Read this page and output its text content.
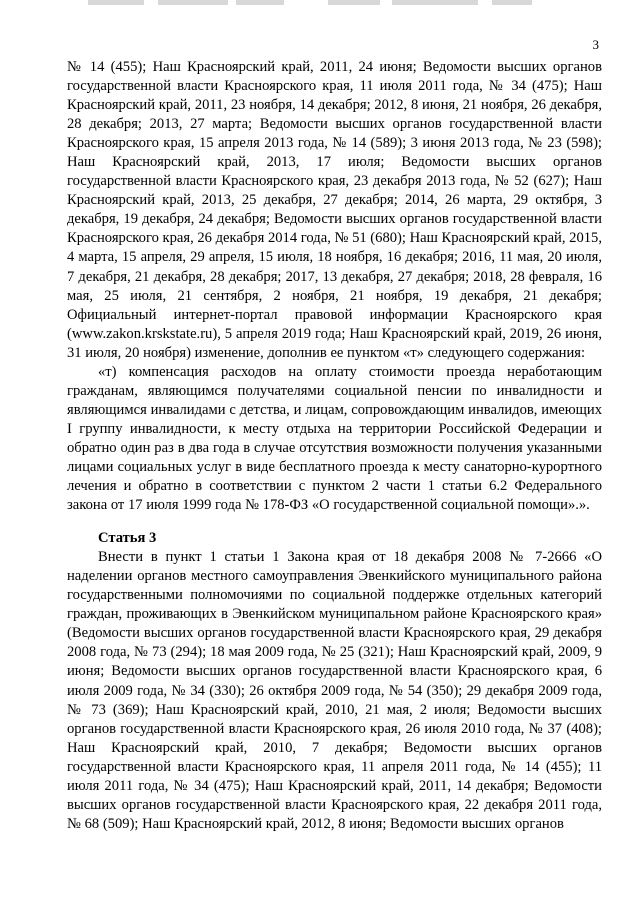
3

№ 14 (455); Наш Красноярский край, 2011, 24 июня; Ведомости высших органов государственной власти Красноярского края, 11 июля 2011 года, № 34 (475); Наш Красноярский край, 2011, 23 ноября, 14 декабря; 2012, 8 июня, 21 ноября, 26 декабря, 28 декабря; 2013, 27 марта; Ведомости высших органов государственной власти Красноярского края, 15 апреля 2013 года, № 14 (589); 3 июня 2013 года, № 23 (598); Наш Красноярский край, 2013, 17 июля; Ведомости высших органов государственной власти Красноярского края, 23 декабря 2013 года, № 52 (627); Наш Красноярский край, 2013, 25 декабря, 27 декабря; 2014, 26 марта, 29 октября, 3 декабря, 19 декабря, 24 декабря; Ведомости высших органов государственной власти Красноярского края, 26 декабря 2014 года, № 51 (680); Наш Красноярский край, 2015, 4 марта, 15 апреля, 29 апреля, 15 июля, 18 ноября, 16 декабря; 2016, 11 мая, 20 июля, 7 декабря, 21 декабря, 28 декабря; 2017, 13 декабря, 27 декабря; 2018, 28 февраля, 16 мая, 25 июля, 21 сентября, 2 ноября, 21 ноября, 19 декабря, 21 декабря; Официальный интернет-портал правовой информации Красноярского края (www.zakon.krskstate.ru), 5 апреля 2019 года; Наш Красноярский край, 2019, 26 июня, 31 июля, 20 ноября) изменение, дополнив ее пунктом «т» следующего содержания:

«т) компенсация расходов на оплату стоимости проезда неработающим гражданам, являющимся получателями социальной пенсии по инвалидности и являющимся инвалидами с детства, и лицам, сопровождающим инвалидов, имеющих I группу инвалидности, к месту отдыха на территории Российской Федерации и обратно один раз в два года в случае отсутствия возможности получения указанными лицами социальных услуг в виде бесплатного проезда к месту санаторно-курортного лечения и обратно в соответствии с пунктом 2 части 1 статьи 6.2 Федерального закона от 17 июля 1999 года № 178-ФЗ «О государственной социальной помощи».».

Статья 3

Внести в пункт 1 статьи 1 Закона края от 18 декабря 2008 № 7-2666 «О наделении органов местного самоуправления Эвенкийского муниципального района государственными полномочиями по социальной поддержке отдельных категорий граждан, проживающих в Эвенкийском муниципальном районе Красноярского края» (Ведомости высших органов государственной власти Красноярского края, 29 декабря 2008 года, № 73 (294); 18 мая 2009 года, № 25 (321); Наш Красноярский край, 2009, 9 июня; Ведомости высших органов государственной власти Красноярского края, 6 июля 2009 года, № 34 (330); 26 октября 2009 года, № 54 (350); 29 декабря 2009 года, № 73 (369); Наш Красноярский край, 2010, 21 мая, 2 июля; Ведомости высших органов государственной власти Красноярского края, 26 июля 2010 года, № 37 (408); Наш Красноярский край, 2010, 7 декабря; Ведомости высших органов государственной власти Красноярского края, 11 апреля 2011 года, № 14 (455); 11 июля 2011 года, № 34 (475); Наш Красноярский край, 2011, 14 декабря; Ведомости высших органов государственной власти Красноярского края, 22 декабря 2011 года, № 68 (509); Наш Красноярский край, 2012, 8 июня; Ведомости высших органов
